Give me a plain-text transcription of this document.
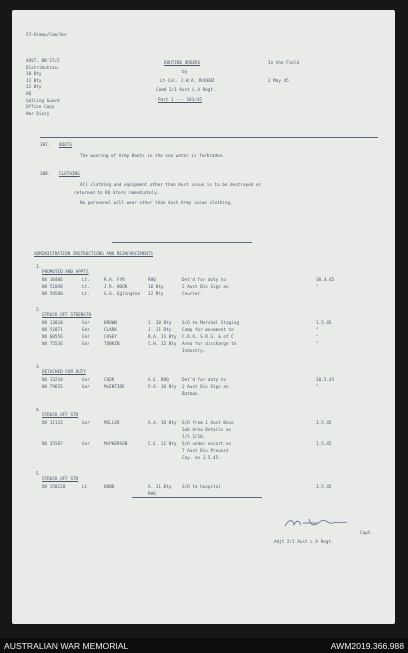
57—Stamp/Com/Ser
AUST. BN 57/2
Distribution:
10 Bty
11 Bty
12 Bty
HQ
Gatling Guard
Office Copy
War Diary
ROUTINE ORDERS
by
Lt-Col. J.W.A. McKENZ
Comd 2/1 Aust L A Regt.
Part 1 --- 183/45
In the Field
2 May 45
307. BOOTS
The wearing of Army Boots in the sea water is forbidden.
308. CLOTHING
All clothing and equipment other than Aust issue is to be destroyed or
returned to RQ Store immediately.
No personnel will wear other than Aust Army issue clothing.
ADMINISTRATION INSTRUCTIONS AND REINFORCEMENTS
1.
PROMOTED AND APPTS
NX 16486	Lt.	R.A. FYR	RHQ	Det'd for duty to	30.4.45
NX 51848	Lt.	J.R. HOOK	10 Bty	2 Aust Div Sigs as	"
NX 59580	Lt.	G.G. Eglington 12 Bty	Courier.
2.
STRUCK OFF STRENGTH
NX 13818	Gnr	BROWN	J. 10 Bty S/O to Marshal Staging	1.5.45
NX 51871	Gnr	CLARK	J. 11 Bty Camp for movement to	"
NX 60556	Gnr	CASEY	R.A. 11 Bty C.R.O. S.R.S. & of C	"
NX 75536	Gnr	TONKIN	C.H. 12 Bty Area for discharge to	"
Industry.
3.
DETACHED FOR DUTY
NX 13210	Gnr	COOK	A.E. RHQ	Det'd for duty to	30.5.45
NX 79655	Gnr	McENTIRE	P.A. 10 Bty 2 Aust Div Sigs as	"
Batman.
4.
STRUCK OFF STR
NX 31133	Gnr	MILLER	A.A. 10 Bty S/O from 1 Aust Base	1.5.45
Sub Area Details as
1/5 2/10.
NX 35507	Gnr	McPHERSON	C.E. 11 Bty S/O under escort as	1.5.45
7 Aust Div Provost
Coy. on 1.5.45.
5.
STRUCK OFF STR
NX 150228	Lt	BOND	A. 11 Bty S/O to hospital	1.5.45
RHQ
Capt.
Adjt 2/1 Aust L A Regt.
AUSTRALIAN WAR MEMORIAL	AWM2019.366.988
